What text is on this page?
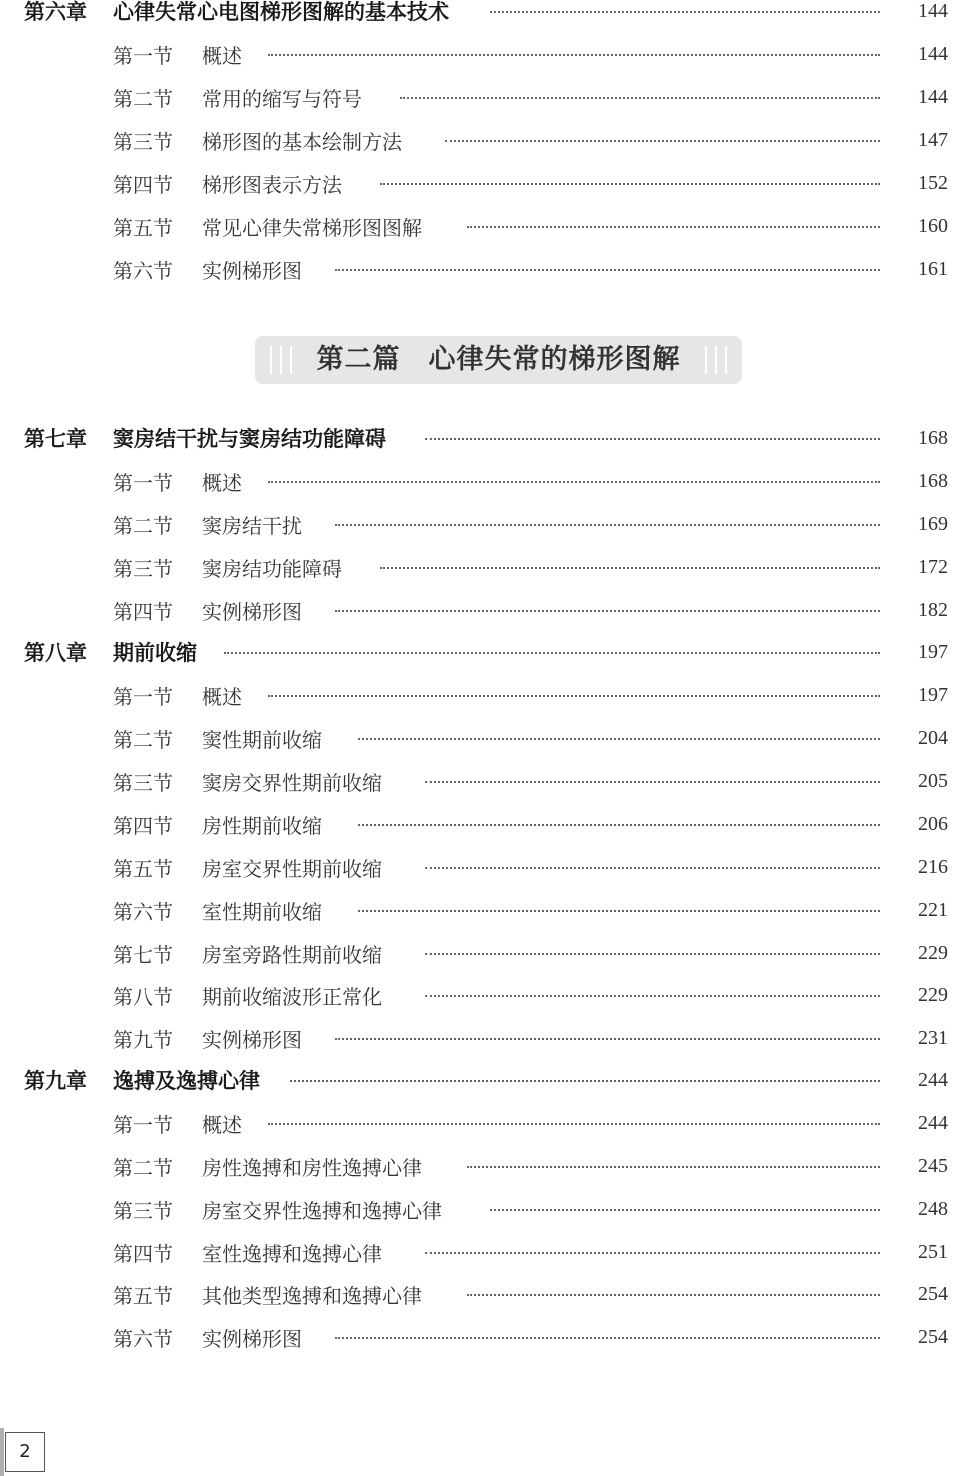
第六章 心律失常心电图梯形图解的基本技术	144
第一节 概述	144
第二节 常用的缩写与符号	144
第三节 梯形图的基本绘制方法	147
第四节 梯形图表示方法	152
第五节 常见心律失常梯形图图解	160
第六节 实例梯形图	161
第二篇　心律失常的梯形图解
第七章 窦房结干扰与窦房结功能障碍	168
第一节 概述	168
第二节 窦房结干扰	169
第三节 窦房结功能障碍	172
第四节 实例梯形图	182
第八章 期前收缩	197
第一节 概述	197
第二节 窦性期前收缩	204
第三节 窦房交界性期前收缩	205
第四节 房性期前收缩	206
第五节 房室交界性期前收缩	216
第六节 室性期前收缩	221
第七节 房室旁路性期前收缩	229
第八节 期前收缩波形正常化	229
第九节 实例梯形图	231
第九章 逸搏及逸搏心律	244
第一节 概述	244
第二节 房性逸搏和房性逸搏心律	245
第三节 房室交界性逸搏和逸搏心律	248
第四节 室性逸搏和逸搏心律	251
第五节 其他类型逸搏和逸搏心律	254
第六节 实例梯形图	254
2
